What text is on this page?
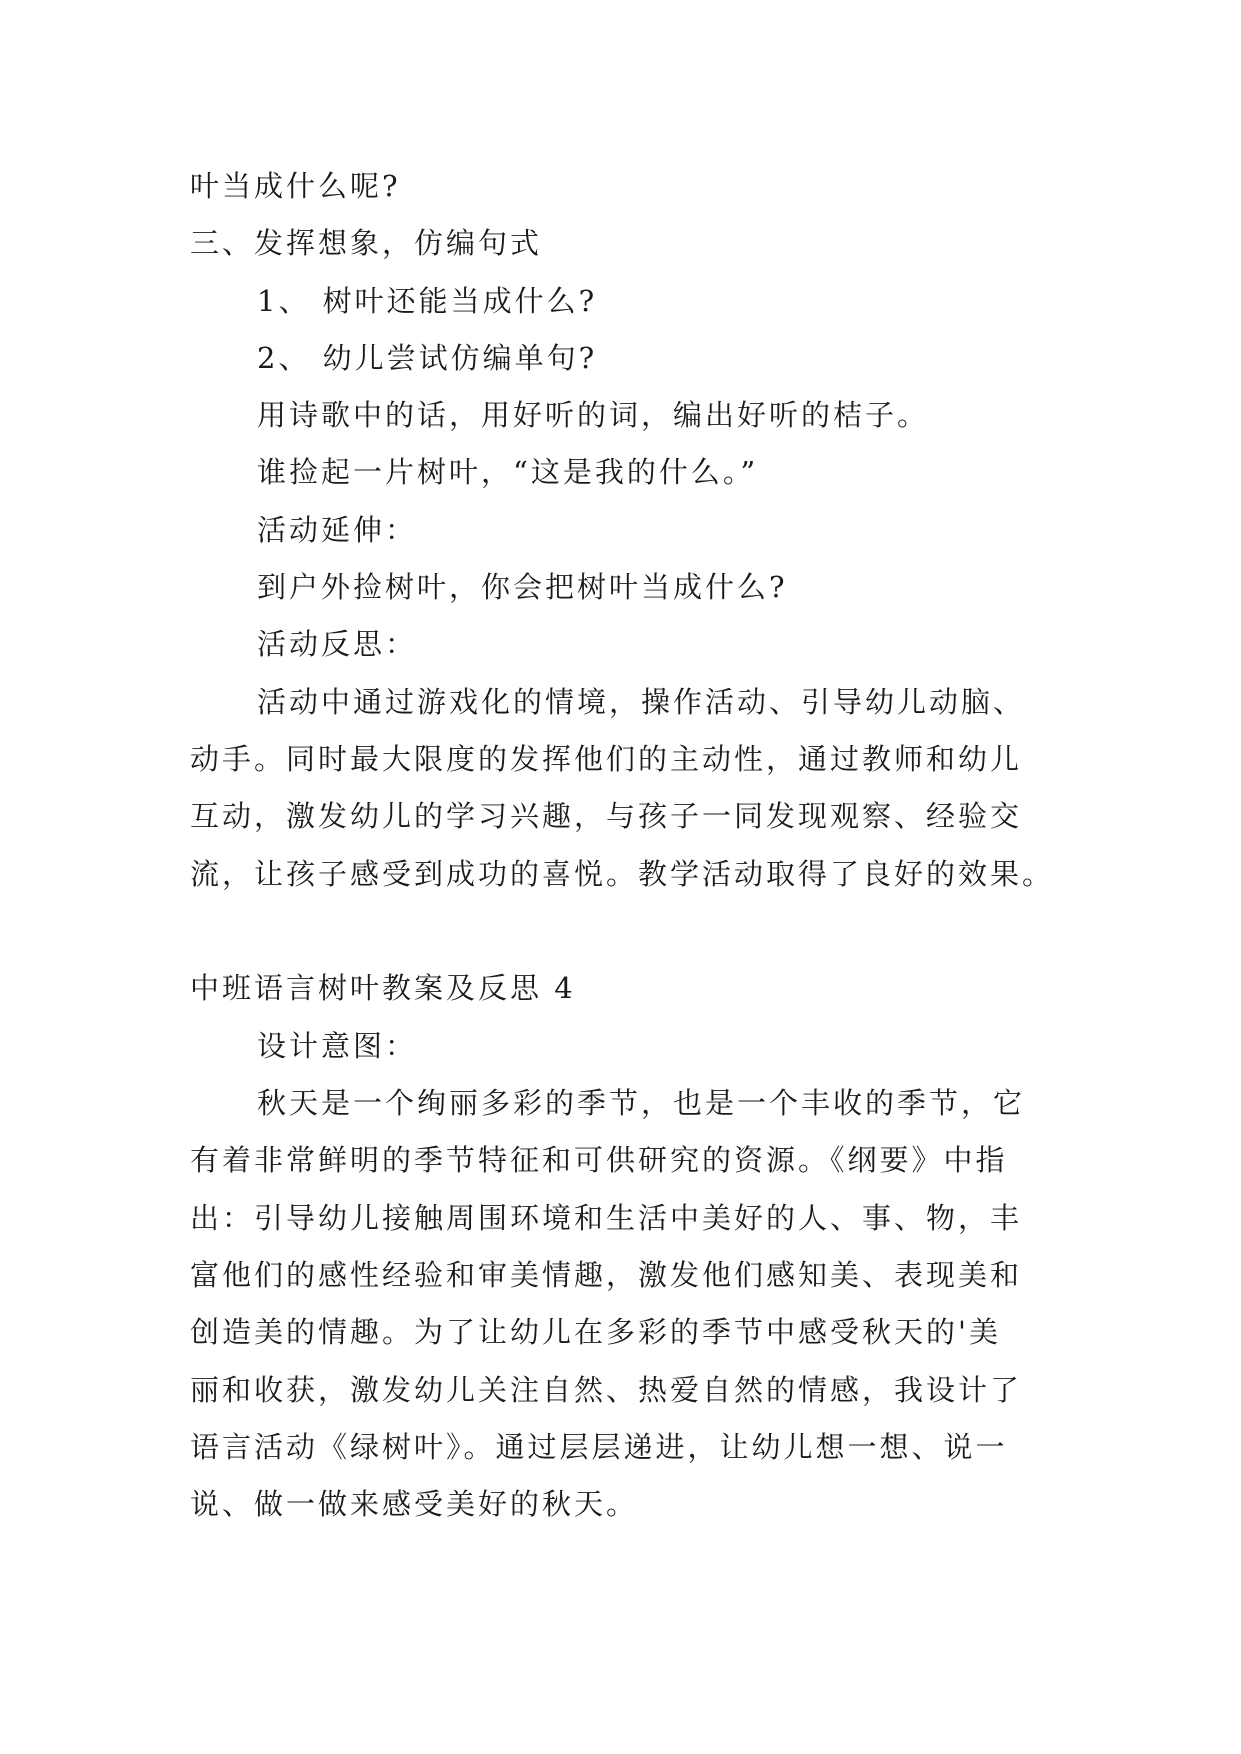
叶当成什么呢?
三、发挥想象，仿编句式
1、 树叶还能当成什么?
2、 幼儿尝试仿编单句?
用诗歌中的话，用好听的词，编出好听的桔子。
谁捡起一片树叶，“这是我的什么。”
活动延伸：
到户外捡树叶，你会把树叶当成什么?
活动反思：
活动中通过游戏化的情境，操作活动、引导幼儿动脑、
动手。同时最大限度的发挥他们的主动性，通过教师和幼儿
互动，激发幼儿的学习兴趣，与孩子一同发现观察、经验交
流，让孩子感受到成功的喜悦。教学活动取得了良好的效果。
中班语言树叶教案及反思 4
设计意图：
秋天是一个绚丽多彩的季节，也是一个丰收的季节，它
有着非常鲜明的季节特征和可供研究的资源。《纲要》中指
出：引导幼儿接触周围环境和生活中美好的人、事、物，丰
富他们的感性经验和审美情趣，激发他们感知美、表现美和
创造美的情趣。为了让幼儿在多彩的季节中感受秋天的'美
丽和收获，激发幼儿关注自然、热爱自然的情感，我设计了
语言活动《绿树叶》。通过层层递进，让幼儿想一想、说一
说、做一做来感受美好的秋天。
